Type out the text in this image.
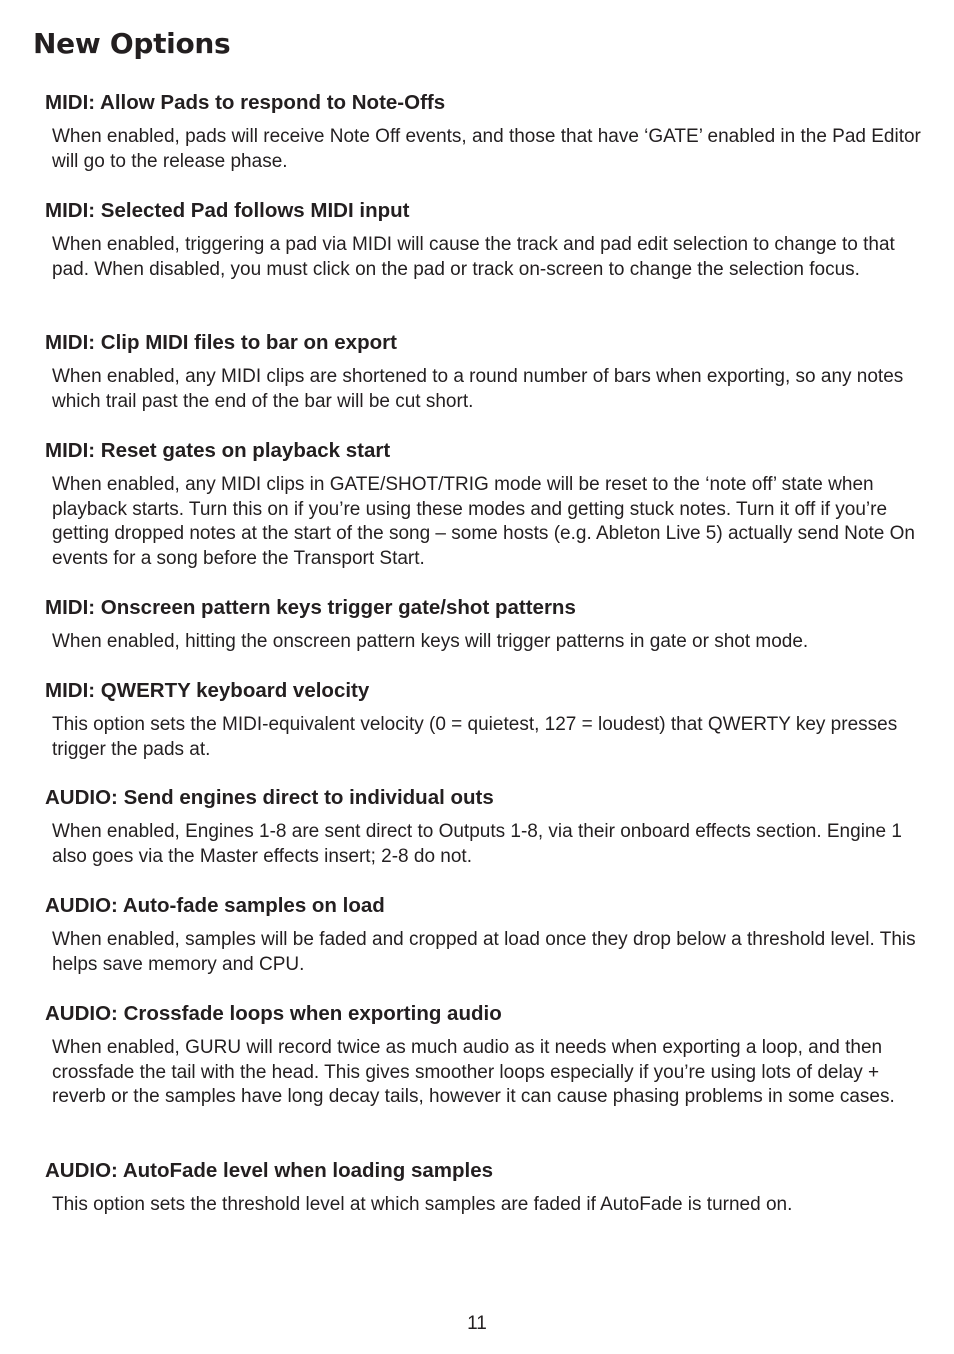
New Options
MIDI: Allow Pads to respond to Note-Offs

When enabled, pads will receive Note Off events, and those that have ‘GATE’ enabled in the Pad Editor will go to the release phase.

MIDI: Selected Pad follows MIDI input

When enabled, triggering a pad via MIDI will cause the track and pad edit selection to change to that pad. When disabled, you must click on the pad or track on-screen to change the selection focus.

MIDI: Clip MIDI files to bar on export

When enabled, any MIDI clips are shortened to a round number of bars when exporting, so any notes which trail past the end of the bar will be cut short.

MIDI: Reset gates on playback start

When enabled, any MIDI clips in GATE/SHOT/TRIG mode will be reset to the ‘note off’ state when playback starts. Turn this on if you’re using these modes and getting stuck notes. Turn it off if you’re getting dropped notes at the start of the song – some hosts (e.g. Ableton Live 5) actually send Note On events for a song before the Transport Start.

MIDI: Onscreen pattern keys trigger gate/shot patterns

When enabled, hitting the onscreen pattern keys will trigger patterns in gate or shot mode.

MIDI: QWERTY keyboard velocity

This option sets the MIDI-equivalent velocity (0 = quietest, 127 = loudest) that QWERTY key presses trigger the pads at.

AUDIO: Send engines direct to individual outs

When enabled, Engines 1-8 are sent direct to Outputs 1-8, via their onboard effects section. Engine 1 also goes via the Master effects insert; 2-8 do not.

AUDIO: Auto-fade samples on load

When enabled, samples will be faded and cropped at load once they drop below a threshold level. This helps save memory and CPU.

AUDIO: Crossfade loops when exporting audio

When enabled, GURU will record twice as much audio as it needs when exporting a loop, and then crossfade the tail with the head. This gives smoother loops especially if you’re using lots of delay + reverb or the samples have long decay tails, however it can cause phasing problems in some cases.

AUDIO: AutoFade level when loading samples

This option sets the threshold level at which samples are faded if AutoFade is turned on.

11
